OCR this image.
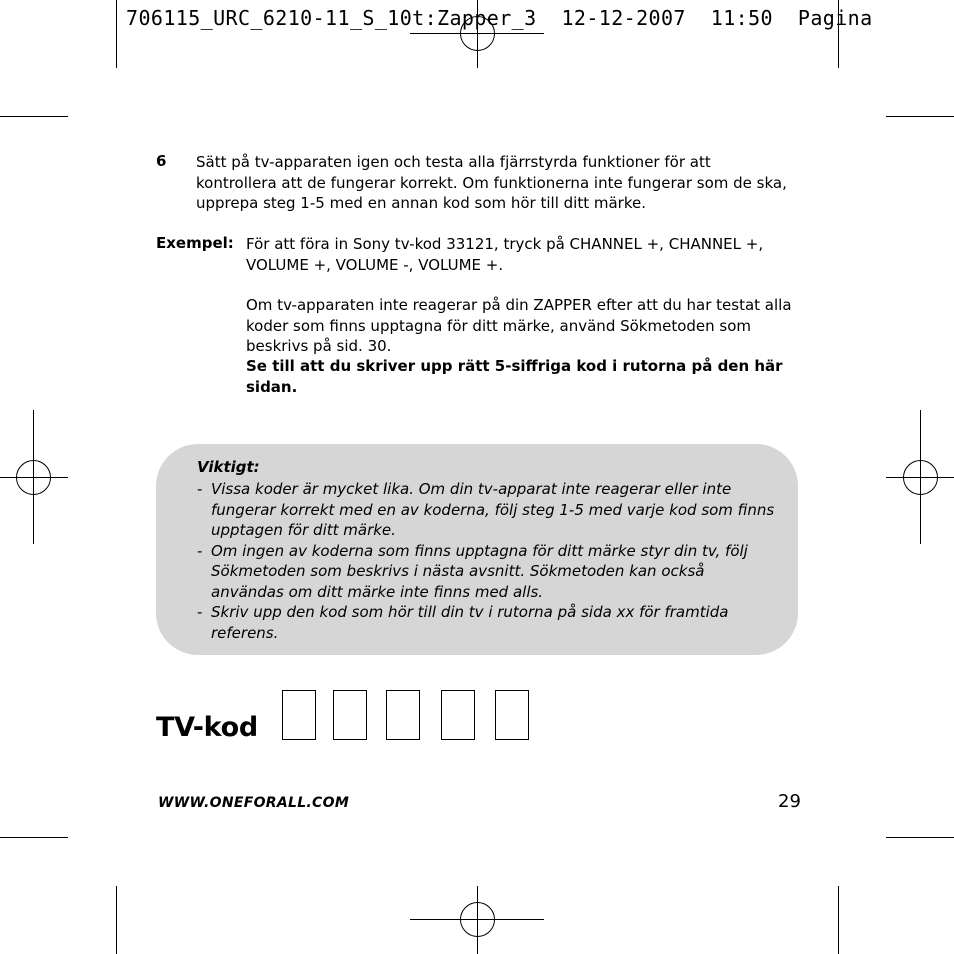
706115_URC_6210-11_S_10t:Zapper_3 12-12-2007 11:50 Pagina
6 Sätt på tv-apparaten igen och testa alla fjärrstyrda funktioner för att kontrollera att de fungerar korrekt. Om funktionerna inte fungerar som de ska, upprepa steg 1-5 med en annan kod som hör till ditt märke.
Exempel: För att föra in Sony tv-kod 33121, tryck på CHANNEL +, CHANNEL +, VOLUME +, VOLUME -, VOLUME +.
Om tv-apparaten inte reagerar på din ZAPPER efter att du har testat alla koder som finns upptagna för ditt märke, använd Sökmetoden som beskrivs på sid. 30.
Se till att du skriver upp rätt 5-siffriga kod i rutorna på den här sidan.
Viktigt:
- Vissa koder är mycket lika. Om din tv-apparat inte reagerar eller inte fungerar korrekt med en av koderna, följ steg 1-5 med varje kod som finns upptagen för ditt märke.
- Om ingen av koderna som finns upptagna för ditt märke styr din tv, följ Sökmetoden som beskrivs i nästa avsnitt. Sökmetoden kan också användas om ditt märke inte finns med alls.
- Skriv upp den kod som hör till din tv i rutorna på sida xx för framtida referens.
TV-kod
WWW.ONEFORALL.COM	29
